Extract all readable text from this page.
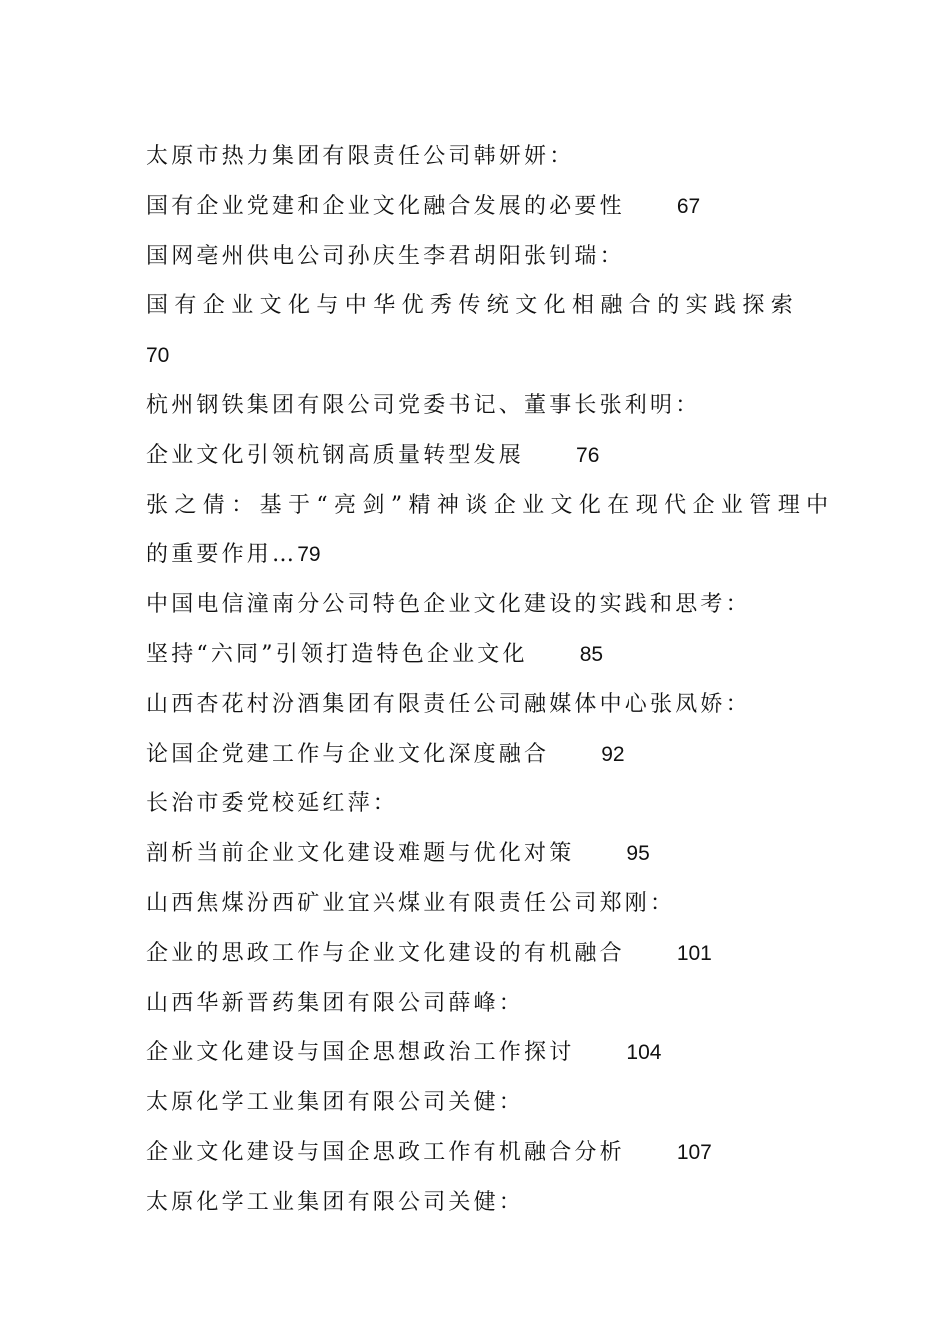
太原市热力集团有限责任公司韩妍妍：
国有企业党建和企业文化融合发展的必要性 67
国网亳州供电公司孙庆生李君胡阳张钊瑞：
国有企业文化与中华优秀传统文化相融合的实践探索
70
杭州钢铁集团有限公司党委书记、董事长张利明：
企业文化引领杭钢高质量转型发展 76
张之倩：基于“亮剑”精神谈企业文化在现代企业管理中
的重要作用… 79
中国电信潼南分公司特色企业文化建设的实践和思考：
坚持“六同”引领打造特色企业文化 85
山西杏花村汾酒集团有限责任公司融媒体中心张凤娇：
论国企党建工作与企业文化深度融合 92
长治市委党校延红萍：
剖析当前企业文化建设难题与优化对策 95
山西焦煤汾西矿业宜兴煤业有限责任公司郑刚：
企业的思政工作与企业文化建设的有机融合 101
山西华新晋药集团有限公司薛峰：
企业文化建设与国企思想政治工作探讨 104
太原化学工业集团有限公司关健：
企业文化建设与国企思政工作有机融合分析 107
太原化学工业集团有限公司关健：
